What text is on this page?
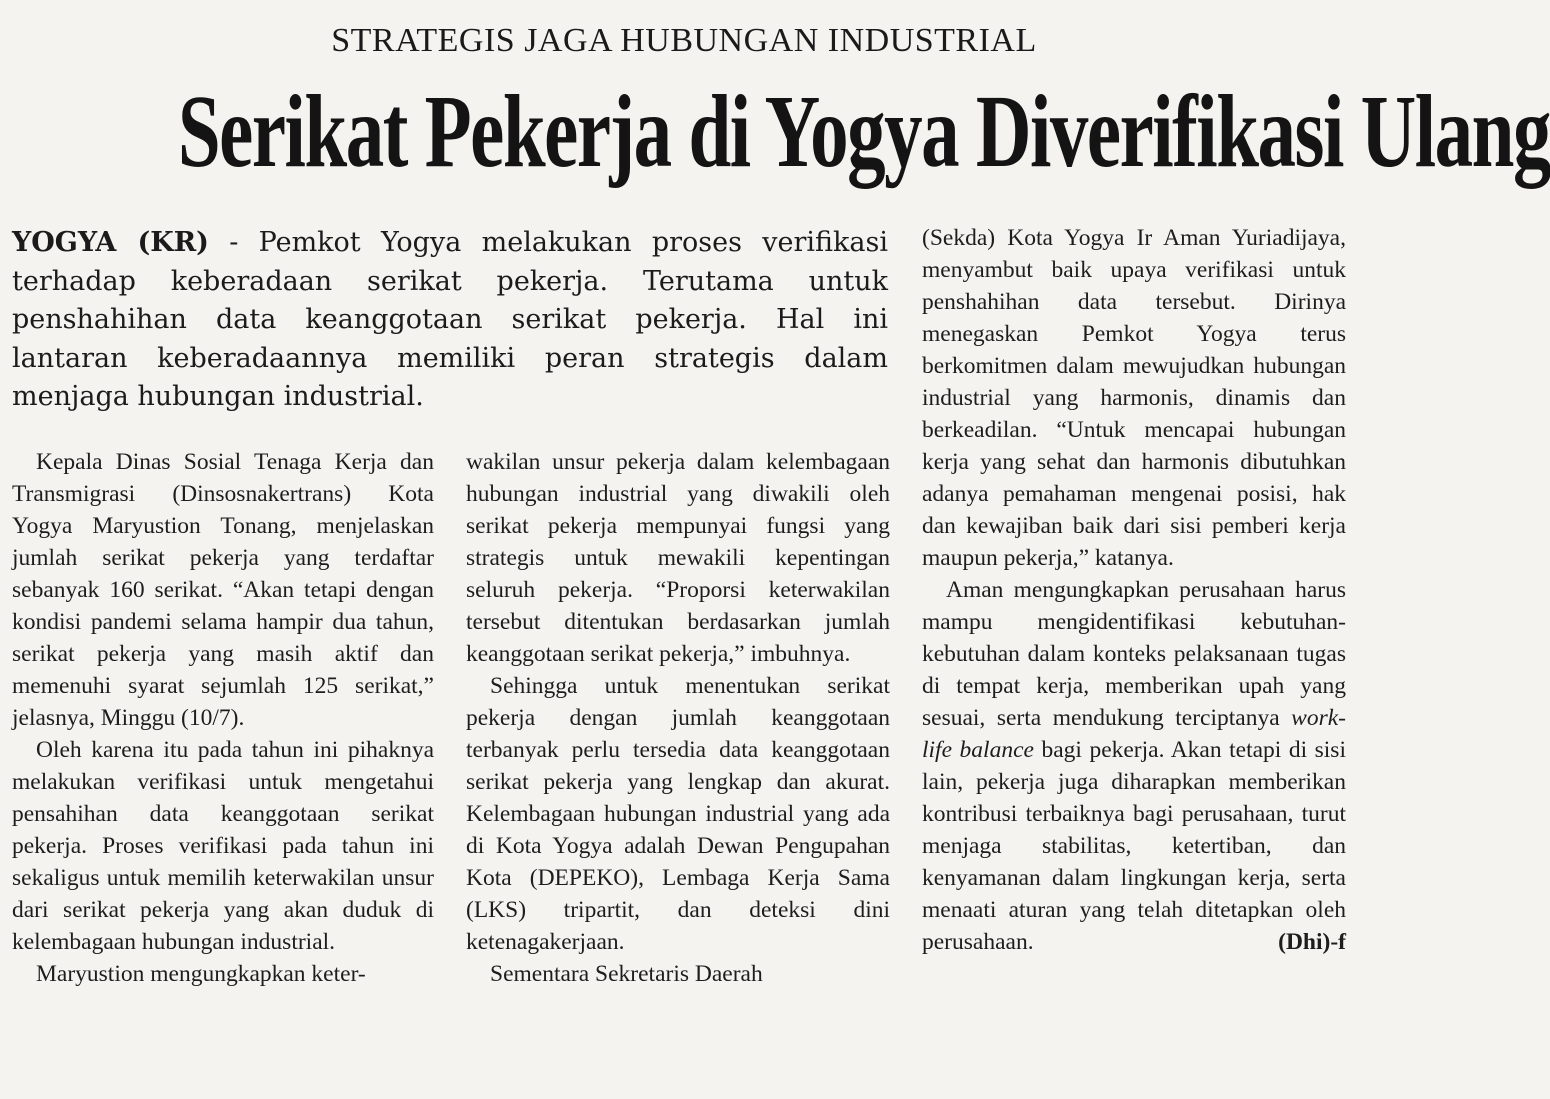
STRATEGIS JAGA HUBUNGAN INDUSTRIAL
Serikat Pekerja di Yogya Diverifikasi Ulang
YOGYA (KR) - Pemkot Yogya melakukan proses verifikasi terhadap keberadaan serikat pekerja. Terutama untuk penshahihan data keanggotaan serikat pekerja. Hal ini lantaran keberadaannya memiliki peran strategis dalam menjaga hubungan industrial.

Kepala Dinas Sosial Tenaga Kerja dan Transmigrasi (Dinsosnakertrans) Kota Yogya Maryustion Tonang, menjelaskan jumlah serikat pekerja yang terdaftar sebanyak 160 serikat. “Akan tetapi dengan kondisi pandemi selama hampir dua tahun, serikat pekerja yang masih aktif dan memenuhi syarat sejumlah 125 serikat,” jelasnya, Minggu (10/7).

Oleh karena itu pada tahun ini pihaknya melakukan verifikasi untuk mengetahui pensahihan data keanggotaan serikat pekerja. Proses verifikasi pada tahun ini sekaligus untuk memilih keterwakilan unsur dari serikat pekerja yang akan duduk di kelembagaan hubungan industrial.

Maryustion mengungkapkan keter-

wakilan unsur pekerja dalam kelembagaan hubungan industrial yang diwakili oleh serikat pekerja mempunyai fungsi yang strategis untuk mewakili kepentingan seluruh pekerja. “Proporsi keterwakilan tersebut ditentukan berdasarkan jumlah keanggotaan serikat pekerja,” imbuhnya.

Sehingga untuk menentukan serikat pekerja dengan jumlah keanggotaan terbanyak perlu tersedia data keanggotaan serikat pekerja yang lengkap dan akurat. Kelembagaan hubungan industrial yang ada di Kota Yogya adalah Dewan Pengupahan Kota (DEPEKO), Lembaga Kerja Sama (LKS) tripartit, dan deteksi dini ketenagakerjaan.

Sementara Sekretaris Daerah

(Sekda) Kota Yogya Ir Aman Yuriadijaya, menyambut baik upaya verifikasi untuk penshahihan data tersebut. Dirinya menegaskan Pemkot Yogya terus berkomitmen dalam mewujudkan hubungan industrial yang harmonis, dinamis dan berkeadilan. “Untuk mencapai hubungan kerja yang sehat dan harmonis dibutuhkan adanya pemahaman mengenai posisi, hak dan kewajiban baik dari sisi pemberi kerja maupun pekerja,” katanya.

Aman mengungkapkan perusahaan harus mampu mengidentifikasi kebutuhan-kebutuhan dalam konteks pelaksanaan tugas di tempat kerja, memberikan upah yang sesuai, serta mendukung terciptanya work-life balance bagi pekerja. Akan tetapi di sisi lain, pekerja juga diharapkan memberikan kontribusi terbaiknya bagi perusahaan, turut menjaga stabilitas, ketertiban, dan kenyamanan dalam lingkungan kerja, serta menaati aturan yang telah ditetapkan oleh perusahaan.	(Dhi)-f
